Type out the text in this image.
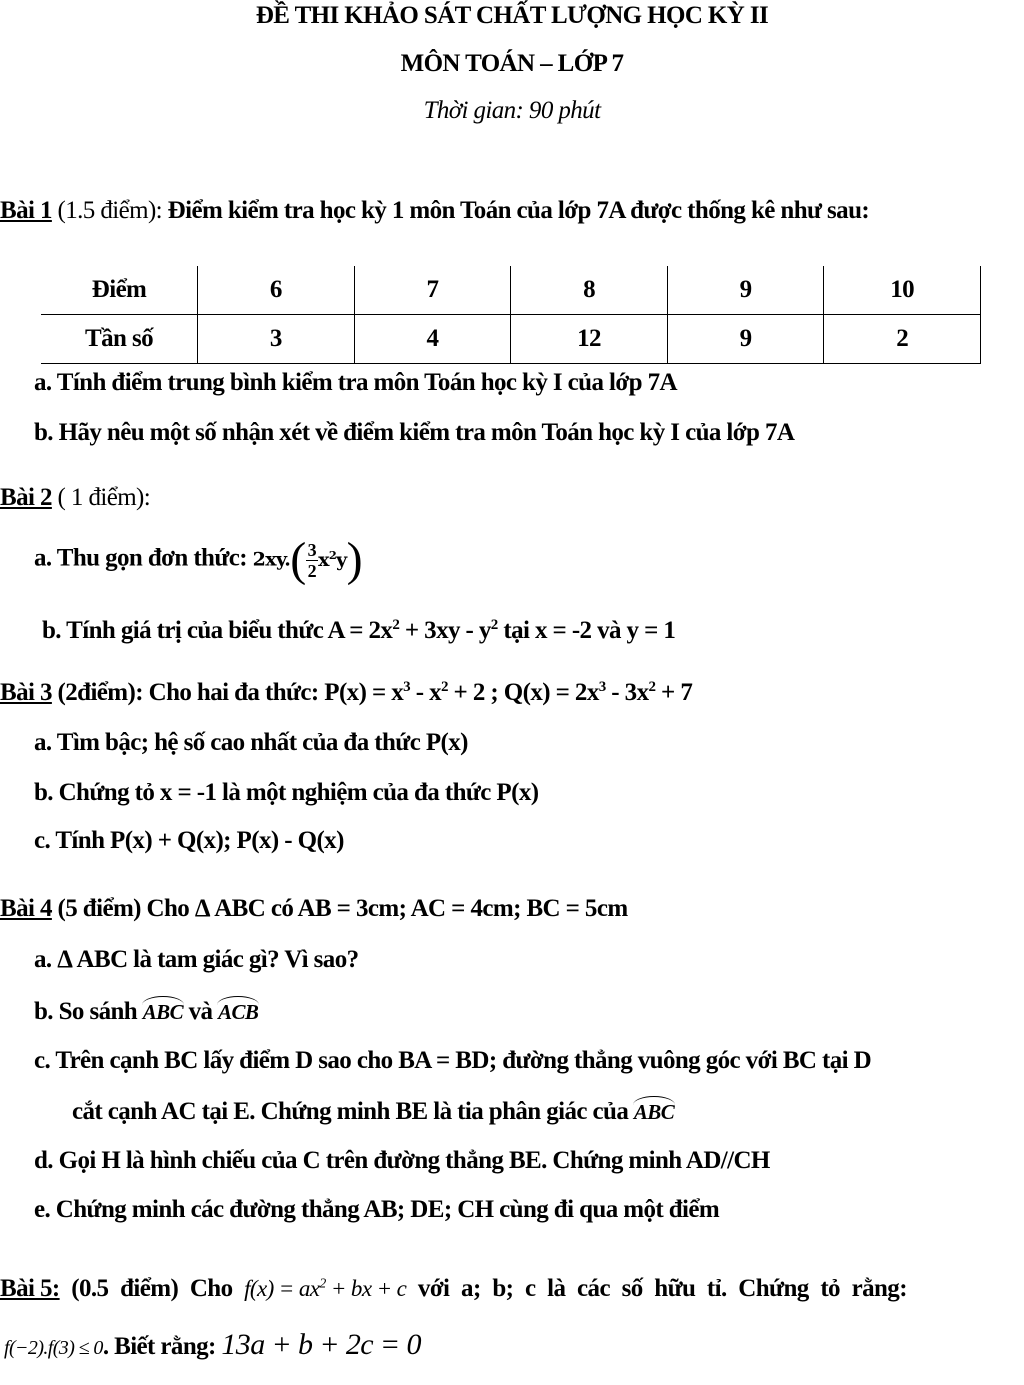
ĐỀ THI KHẢO SÁT CHẤT LƯỢNG HỌC KỲ II
MÔN TOÁN – LỚP 7
Thời gian: 90 phút
Bài 1 (1.5 điểm): Điểm kiểm tra học kỳ 1 môn Toán của lớp 7A được thống kê như sau:
Điểm	6	7	8	9	10
Tần số	3	4	12	9	2
a. Tính điểm trung bình kiểm tra môn Toán học kỳ I của lớp 7A
b. Hãy nêu một số nhận xét về điểm kiểm tra môn Toán học kỳ I của lớp 7A
Bài 2 ( 1 điểm):
a. Thu gọn đơn thức: $2xy.( \frac{3}{2} x^2y)$
b. Tính giá trị của biểu thức $A = 2x^2 + 3xy - y^2$ tại x = -2 và y = 1
Bài 3 (2điểm): Cho hai đa thức: $P(x) = x^3 - x^2 + 2$ ; $Q(x) = 2x^3 - 3x^2 + 7$
a. Tìm bậc; hệ số cao nhất của đa thức P(x)
b. Chứng tỏ x = -1 là một nghiệm của đa thức P(x)
c. Tính P(x) + Q(x); P(x) - Q(x)
Bài 4 (5 điểm) Cho Δ ABC có AB = 3cm; AC = 4cm; BC = 5cm
a. Δ ABC là tam giác gì? Vì sao?
b. So sánh ABC và ACB
c. Trên cạnh BC lấy điểm D sao cho BA = BD; đường thẳng vuông góc với BC tại D
cắt cạnh AC tại E. Chứng minh BE là tia phân giác của ABC
d. Gọi H là hình chiếu của C trên đường thẳng BE. Chứng minh AD//CH
e. Chứng minh các đường thẳng AB; DE; CH cùng đi qua một điểm
Bài 5: (0.5 điểm) Cho $f(x) = ax^2$ + bx + c với a; b; c là các số hữu tỉ. Chứng tỏ rằng:
f(−2).f(3) ≤ 0. Biết rằng: 13a + b + 2c = 0
